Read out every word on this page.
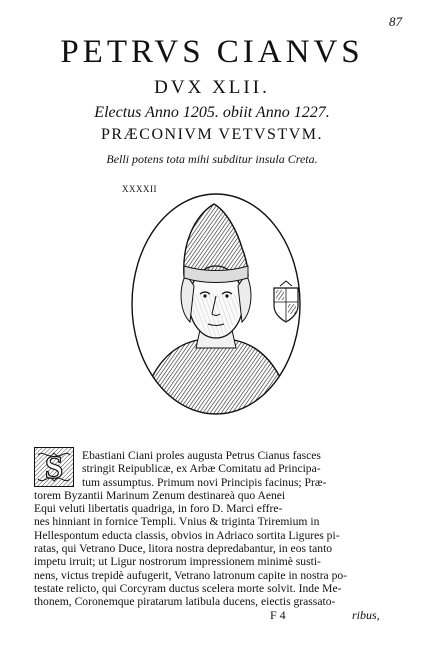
87
PETRVS CIANVS
DVX XLII.
Electus Anno 1205. obiit Anno 1227.
PRÆCONIVM VETVSTVM.
Belli potens tota mihi subditur insula Creta.
XXXXII
S	Ebastiani Ciani proles augusta Petrus Cianus fasces
stringit Reipublicæ, ex Arbæ Comitatu ad Principa-
tum assumptus. Primum novi Principis facinus; Præ-
torem Byzantii Marinum Zenum destinareà quo Aenei
Equi veluti libertatis quadriga, in foro D. Marci effre-
nes hinniant in fornice Templi. Vnius & triginta Triremium in
Hellespontum educta classis, obvios in Adriaco sortita Ligures pi-
ratas, qui Vetrano Duce, litora nostra depredabantur, in eos tanto
impetu irruit; ut Ligur nostrorum impressionem minimè susti-
nens, victus trepidè aufugerit, Vetrano latronum capite in nostra po-
testate relicto, qui Corcyram ductus scelera morte solvit. Inde Me-
thonem, Coronemque piratarum latibula ducens, eiectis grassato-
F 4	ribus,
